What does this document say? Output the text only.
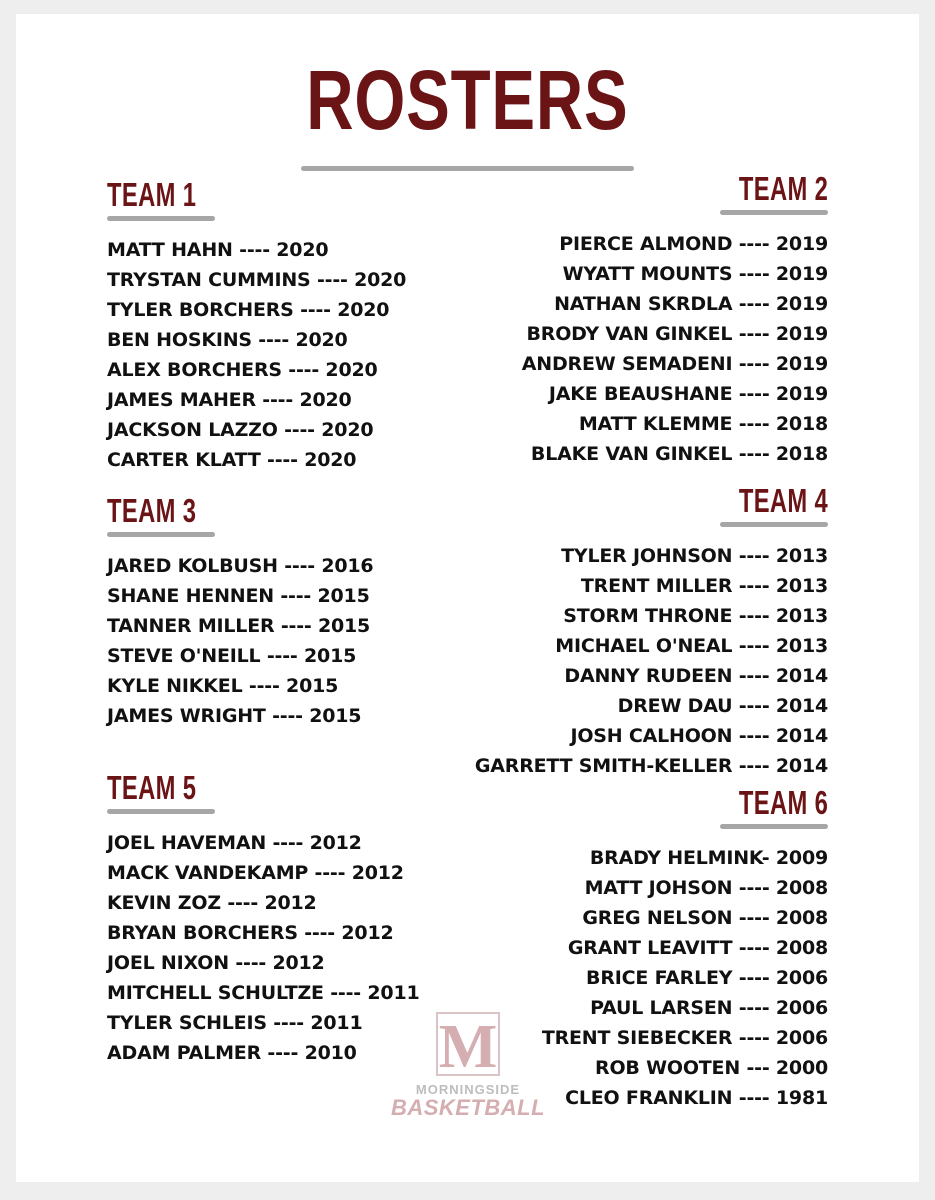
ROSTERS
TEAM 1
MATT HAHN ---- 2020
TRYSTAN CUMMINS ---- 2020
TYLER BORCHERS ---- 2020
BEN HOSKINS ---- 2020
ALEX BORCHERS ---- 2020
JAMES MAHER ---- 2020
JACKSON LAZZO ---- 2020
CARTER KLATT ---- 2020
TEAM 2
PIERCE ALMOND ---- 2019
WYATT MOUNTS ---- 2019
NATHAN SKRDLA ---- 2019
BRODY VAN GINKEL ---- 2019
ANDREW SEMADENI ---- 2019
JAKE BEAUSHANE ---- 2019
MATT KLEMME ---- 2018
BLAKE VAN GINKEL ---- 2018
TEAM 3
JARED KOLBUSH ---- 2016
SHANE HENNEN ---- 2015
TANNER MILLER ---- 2015
STEVE O'NEILL ---- 2015
KYLE NIKKEL ---- 2015
JAMES WRIGHT ---- 2015
TEAM 4
TYLER JOHNSON ---- 2013
TRENT MILLER ---- 2013
STORM THRONE ---- 2013
MICHAEL O'NEAL ---- 2013
DANNY RUDEEN ---- 2014
DREW DAU ---- 2014
JOSH CALHOON ---- 2014
GARRETT SMITH-KELLER ---- 2014
TEAM 5
JOEL HAVEMAN ---- 2012
MACK VANDEKAMP ---- 2012
KEVIN ZOZ ---- 2012
BRYAN BORCHERS ---- 2012
JOEL NIXON ---- 2012
MITCHELL SCHULTZE ---- 2011
TYLER SCHLEIS ---- 2011
ADAM PALMER ---- 2010
TEAM 6
BRADY HELMINK- 2009
MATT JOHSON ---- 2008
GREG NELSON ---- 2008
GRANT LEAVITT ---- 2008
BRICE FARLEY ---- 2006
PAUL LARSEN ---- 2006
TRENT SIEBECKER ---- 2006
ROB WOOTEN --- 2000
CLEO FRANKLIN ---- 1981
M
MORNINGSIDE
BASKETBALL
